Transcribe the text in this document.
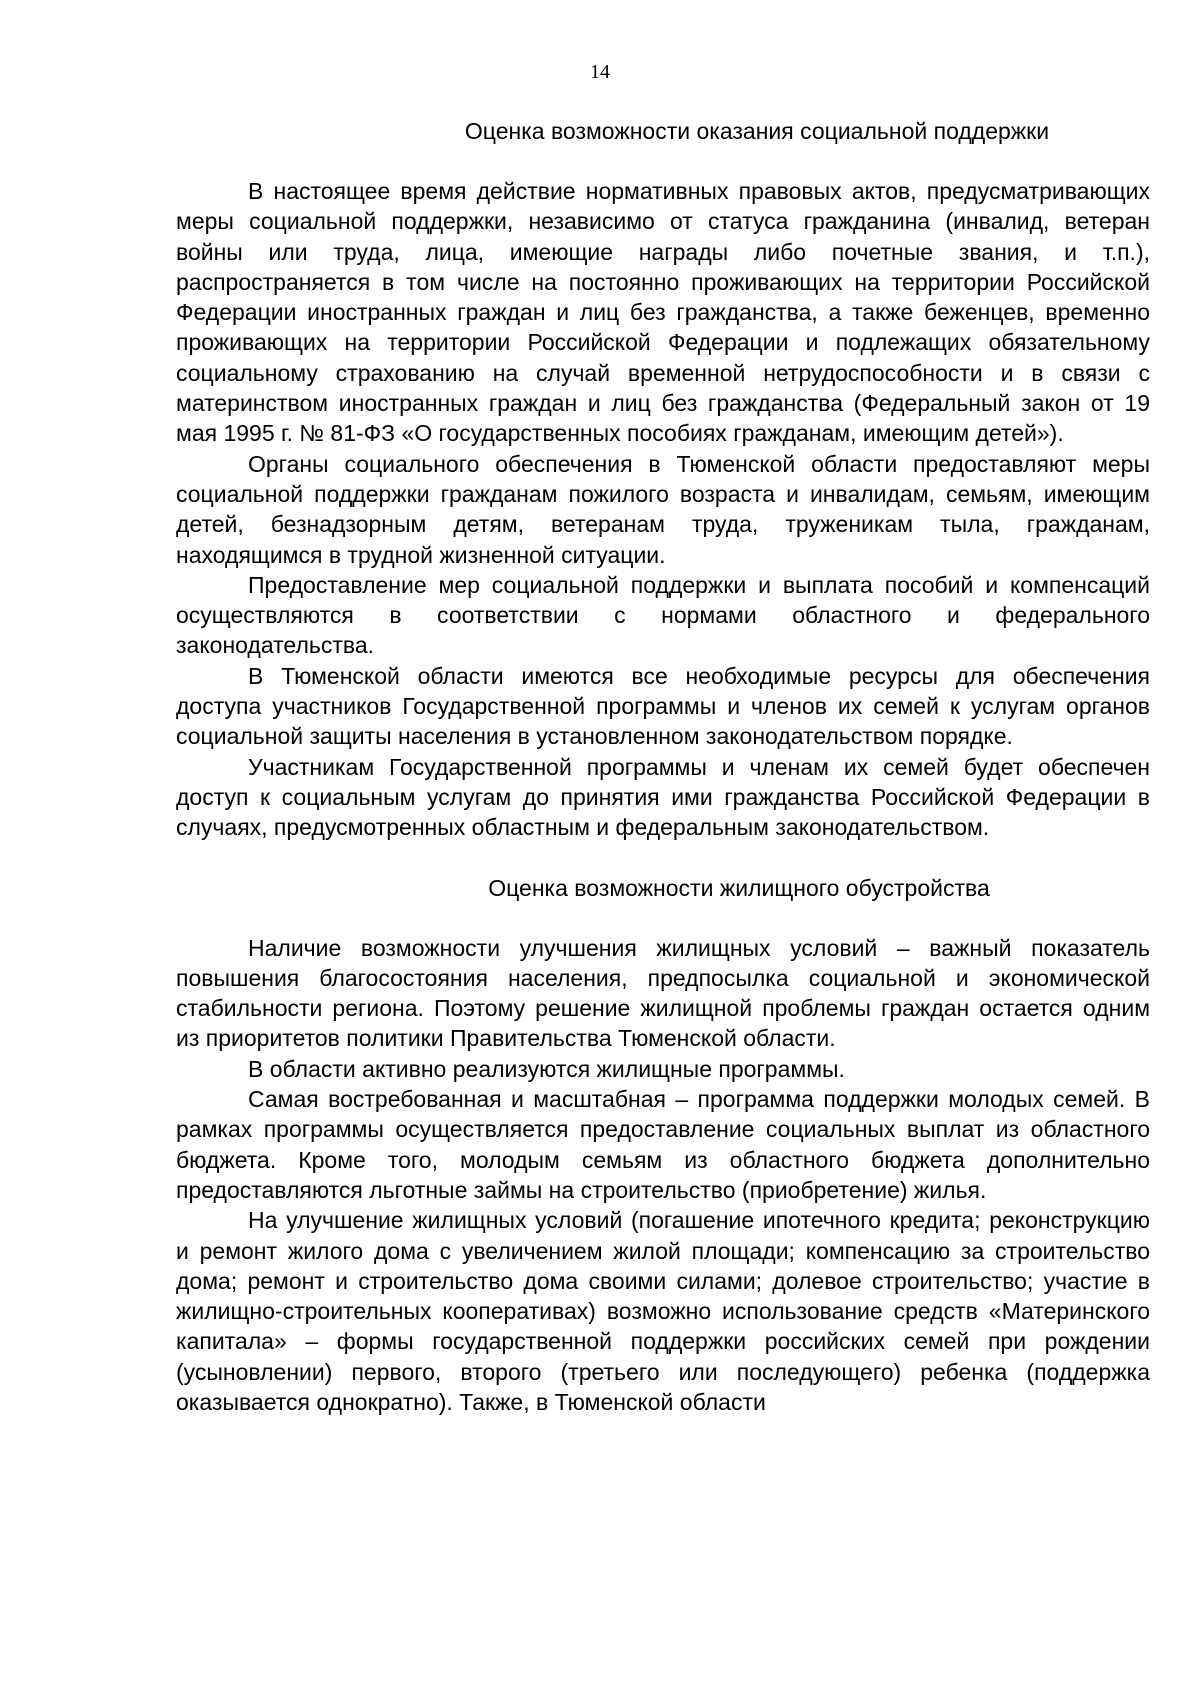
14
Оценка возможности оказания социальной поддержки

В настоящее время действие нормативных правовых актов, предусматривающих меры социальной поддержки, независимо от статуса гражданина (инвалид, ветеран войны или труда, лица, имеющие награды либо почетные звания, и т.п.), распространяется в том числе на постоянно проживающих на территории Российской Федерации иностранных граждан и лиц без гражданства, а также беженцев, временно проживающих на территории Российской Федерации и подлежащих обязательному социальному страхованию на случай временной нетрудоспособности и в связи с материнством иностранных граждан и лиц без гражданства (Федеральный закон от 19 мая 1995 г. № 81-ФЗ «О государственных пособиях гражданам, имеющим детей»).

Органы социального обеспечения в Тюменской области предоставляют меры социальной поддержки гражданам пожилого возраста и инвалидам, семьям, имеющим детей, безнадзорным детям, ветеранам труда, труженикам тыла, гражданам, находящимся в трудной жизненной ситуации.

Предоставление мер социальной поддержки и выплата пособий и компенсаций осуществляются в соответствии с нормами областного и федерального законодательства.

В Тюменской области имеются все необходимые ресурсы для обеспечения доступа участников Государственной программы и членов их семей к услугам органов социальной защиты населения в установленном законодательством порядке.

Участникам Государственной программы и членам их семей будет обеспечен доступ к социальным услугам до принятия ими гражданства Российской Федерации в случаях, предусмотренных областным и федеральным законодательством.

Оценка возможности жилищного обустройства

Наличие возможности улучшения жилищных условий – важный показатель повышения благосостояния населения, предпосылка социальной и экономической стабильности региона. Поэтому решение жилищной проблемы граждан остается одним из приоритетов политики Правительства Тюменской области.

В области активно реализуются жилищные программы.

Самая востребованная и масштабная – программа поддержки молодых семей. В рамках программы осуществляется предоставление социальных выплат из областного бюджета. Кроме того, молодым семьям из областного бюджета дополнительно предоставляются льготные займы на строительство (приобретение) жилья.

На улучшение жилищных условий (погашение ипотечного кредита; реконструкцию и ремонт жилого дома с увеличением жилой площади; компенсацию за строительство дома; ремонт и строительство дома своими силами; долевое строительство; участие в жилищно-строительных кооперативах) возможно использование средств «Материнского капитала» – формы государственной поддержки российских семей при рождении (усыновлении) первого, второго (третьего или последующего) ребенка (поддержка оказывается однократно). Также, в Тюменской области
